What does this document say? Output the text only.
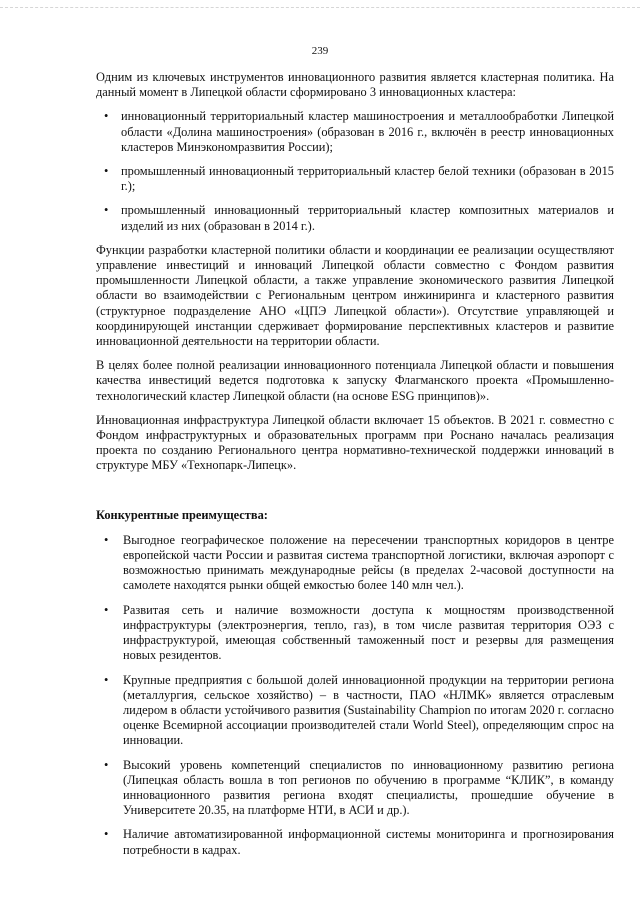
239

Одним из ключевых инструментов инновационного развития является кластерная политика. На данный момент в Липецкой области сформировано 3 инновационных кластера:

• инновационный территориальный кластер машиностроения и металлообработки Липецкой области «Долина машиностроения» (образован в 2016 г., включён в реестр инновационных кластеров Минэкономразвития России);
• промышленный инновационный территориальный кластер белой техники (образован в 2015 г.);
• промышленный инновационный территориальный кластер композитных материалов и изделий из них (образован в 2014 г.).

Функции разработки кластерной политики области и координации ее реализации осуществляют управление инвестиций и инноваций Липецкой области совместно с Фондом развития промышленности Липецкой области, а также управление экономического развития Липецкой области во взаимодействии с Региональным центром инжиниринга и кластерного развития (структурное подразделение АНО «ЦПЭ Липецкой области»). Отсутствие управляющей и координирующей инстанции сдерживает формирование перспективных кластеров и развитие инновационной деятельности на территории области.

В целях более полной реализации инновационного потенциала Липецкой области и повышения качества инвестиций ведется подготовка к запуску Флагманского проекта «Промышленно-технологический кластер Липецкой области (на основе ESG принципов)».

Инновационная инфраструктура Липецкой области включает 15 объектов. В 2021 г. совместно с Фондом инфраструктурных и образовательных программ при Роснано началась реализация проекта по созданию Регионального центра нормативно-технической поддержки инноваций в структуре МБУ «Технопарк-Липецк».

Конкурентные преимущества:
• Выгодное географическое положение на пересечении транспортных коридоров в центре европейской части России и развитая система транспортной логистики, включая аэропорт с возможностью принимать международные рейсы (в пределах 2-часовой доступности на самолете находятся рынки общей емкостью более 140 млн чел.).
• Развитая сеть и наличие возможности доступа к мощностям производственной инфраструктуры (электроэнергия, тепло, газ), в том числе развитая территория ОЭЗ с инфраструктурой, имеющая собственный таможенный пост и резервы для размещения новых резидентов.
• Крупные предприятия с большой долей инновационной продукции на территории региона (металлургия, сельское хозяйство) – в частности, ПАО «НЛМК» является отраслевым лидером в области устойчивого развития (Sustainability Champion по итогам 2020 г. согласно оценке Всемирной ассоциации производителей стали World Steel), определяющим спрос на инновации.
• Высокий уровень компетенций специалистов по инновационному развитию региона (Липецкая область вошла в топ регионов по обучению в программе “КЛИК”, в команду инновационного развития региона входят специалисты, прошедшие обучение в Университете 20.35, на платформе НТИ, в АСИ и др.).
• Наличие автоматизированной информационной системы мониторинга и прогнозирования потребности в кадрах.
